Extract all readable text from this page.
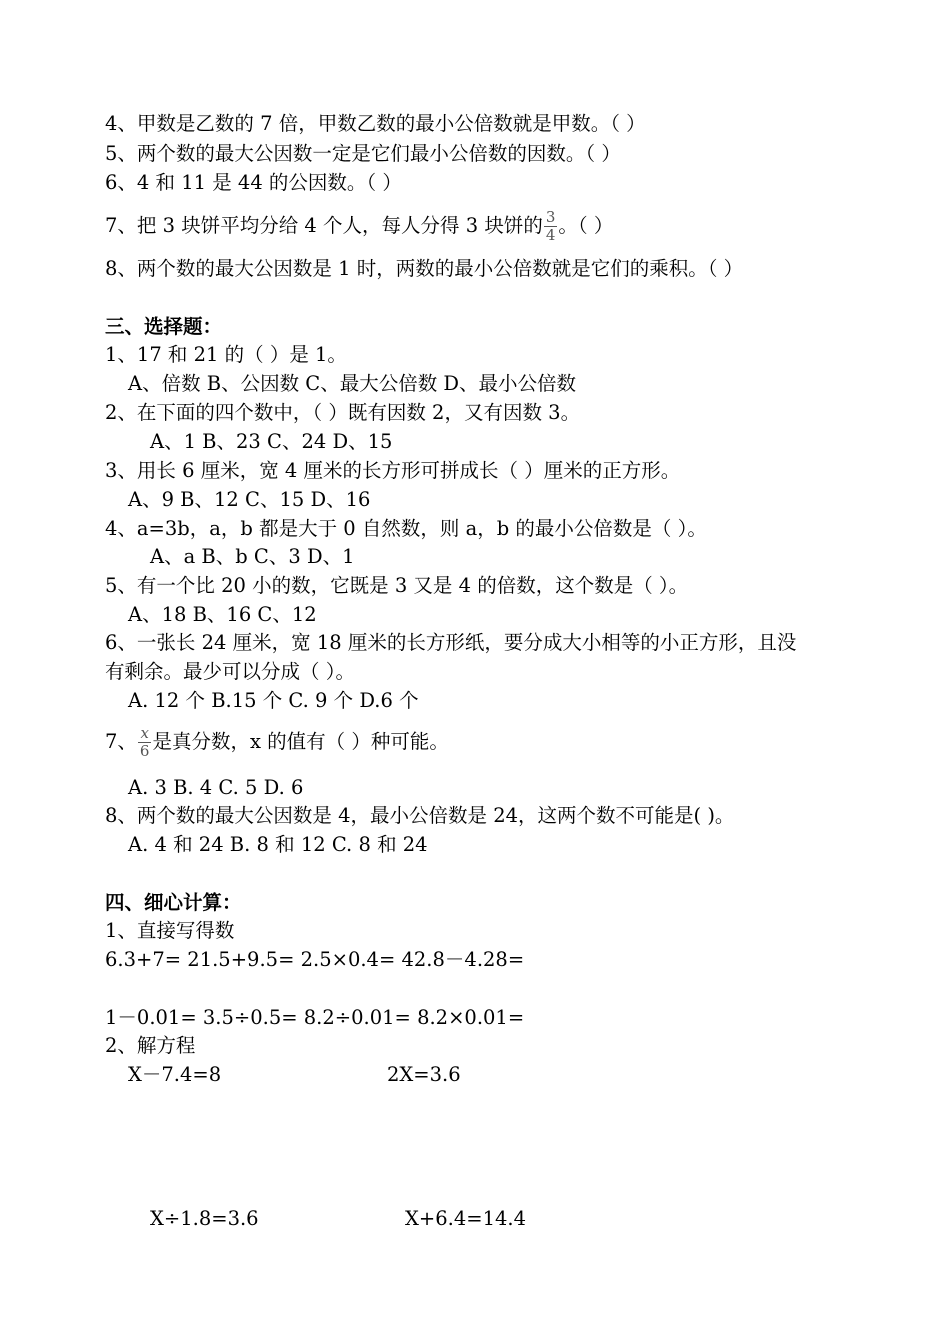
4、甲数是乙数的 7 倍，甲数乙数的最小公倍数就是甲数。（ ）
5、两个数的最大公因数一定是它们最小公倍数的因数。（ ）
6、4 和 11 是 44 的公因数。（ ）
7、把 3 块饼平均分给 4 个人，每人分得 3 块饼的 $\frac{3}{4}$ 。（ ）
8、两个数的最大公因数是 1 时，两数的最小公倍数就是它们的乘积。（ ）
三、选择题：
1、17 和 21 的（ ）是 1。
A、倍数 B、公因数 C、最大公倍数 D、最小公倍数
2、在下面的四个数中，（ ）既有因数 2，又有因数 3。
A、1 B、23 C、24 D、15
3、用长 6 厘米，宽 4 厘米的长方形可拼成长（ ）厘米的正方形。
A、9 B、12 C、15 D、16
4、a=3b，a，b 都是大于 0 自然数，则 a，b 的最小公倍数是（ ）。
A、a B、b C、3 D、1
5、有一个比 20 小的数，它既是 3 又是 4 的倍数，这个数是（ ）。
A、18 B、16 C、12
6、一张长 24 厘米，宽 18 厘米的长方形纸，要分成大小相等的小正方形，且没
有剩余。最少可以分成（ ）。
A. 12 个 B.15 个 C. 9 个 D.6 个
7、 $\frac{x}{6}$ 是真分数，x 的值有（ ）种可能。
A. 3 B. 4 C. 5 D. 6
8、两个数的最大公因数是 4，最小公倍数是 24，这两个数不可能是( )。
A. 4 和 24 B. 8 和 12 C. 8 和 24
四、细心计算：
1、直接写得数
6.3+7= 21.5+9.5= 2.5×0.4= 42.8－4.28=
1－0.01= 3.5÷0.5= 8.2÷0.01= 8.2×0.01=
2、解方程
X－7.4=8	2X=3.6
X÷1.8=3.6	X+6.4=14.4
